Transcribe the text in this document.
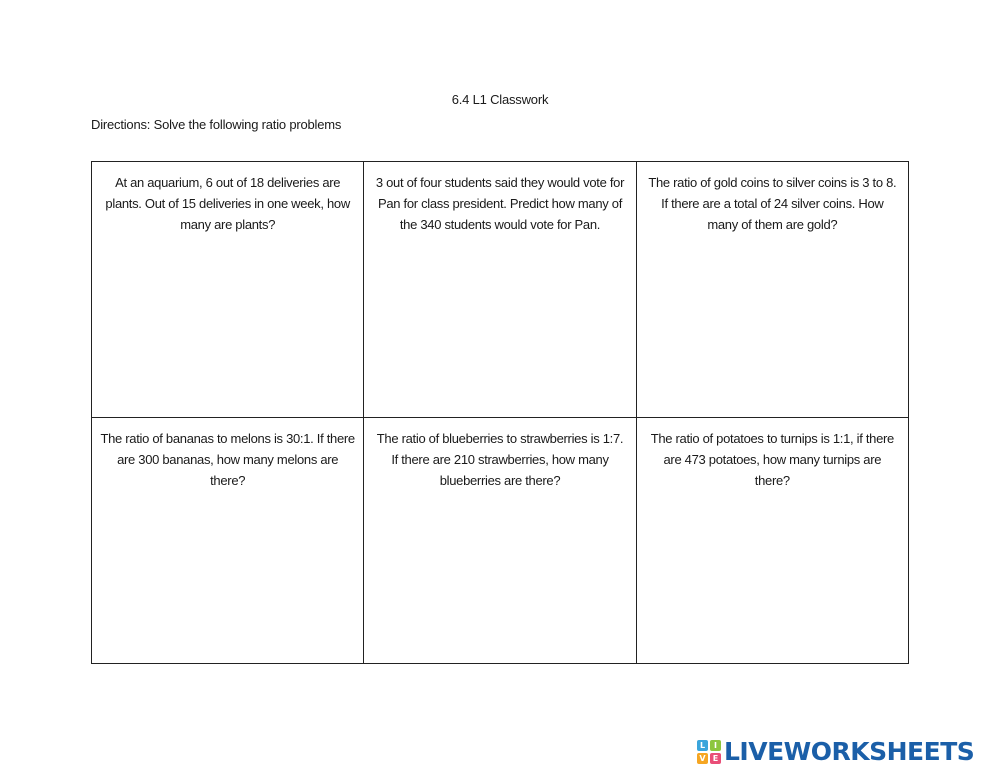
6.4 L1 Classwork
Directions: Solve the following ratio problems
At an aquarium, 6 out of 18 deliveries are plants. Out of 15 deliveries in one week, how many are plants?	3 out of four students said they would vote for Pan for class president. Predict how many of the 340 students would vote for Pan.	The ratio of gold coins to silver coins is 3 to 8. If there are a total of 24 silver coins. How many of them are gold?
The ratio of bananas to melons is 30:1. If there are 300 bananas, how many melons are there?	The ratio of blueberries to strawberries is 1:7. If there are 210 strawberries, how many blueberries are there?	The ratio of potatoes to turnips is 1:1, if there are 473 potatoes, how many turnips are there?
L	I
V E LIVEWORKSHEETS
